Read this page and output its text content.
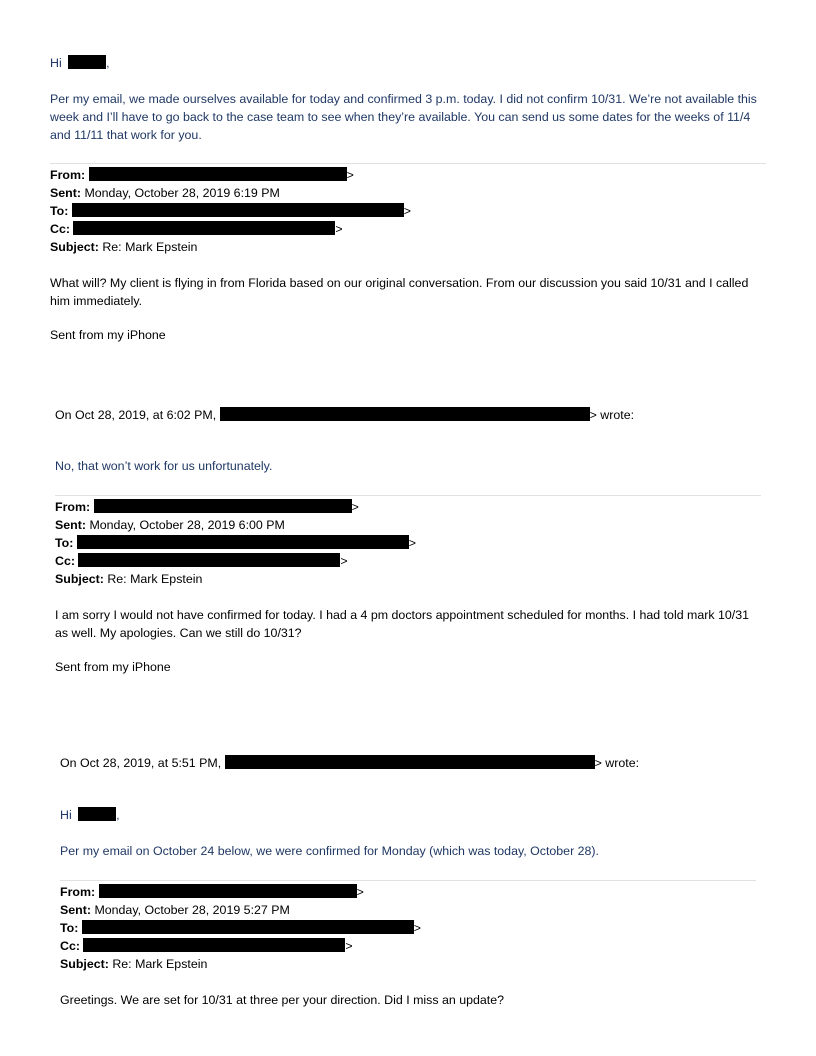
Hi	,
Per my email, we made ourselves available for today and confirmed 3 p.m. today. I did not confirm 10/31. We’re not available this week and I’ll have to go back to the case team to see when they’re available. You can send us some dates for the weeks of 11/4 and 11/11 that work for you.
From:	>
Sent: Monday, October 28, 2019 6:19 PM
To:	>
Cc:	>
Subject: Re: Mark Epstein
What will? My client is flying in from Florida based on our original conversation. From our discussion you said 10/31 and I called him immediately.
Sent from my iPhone
On Oct 28, 2019, at 6:02 PM,	> wrote:
No, that won’t work for us unfortunately.
From:	>
Sent: Monday, October 28, 2019 6:00 PM
To:	>
Cc:	>
Subject: Re: Mark Epstein
I am sorry I would not have confirmed for today. I had a 4 pm doctors appointment scheduled for months. I had told mark 10/31 as well. My apologies. Can we still do 10/31?
Sent from my iPhone
On Oct 28, 2019, at 5:51 PM,	> wrote:
Hi	,
Per my email on October 24 below, we were confirmed for Monday (which was today, October 28).
From:	>
Sent: Monday, October 28, 2019 5:27 PM
To:	>
Cc:	>
Subject: Re: Mark Epstein
Greetings. We are set for 10/31 at three per your direction. Did I miss an update?
